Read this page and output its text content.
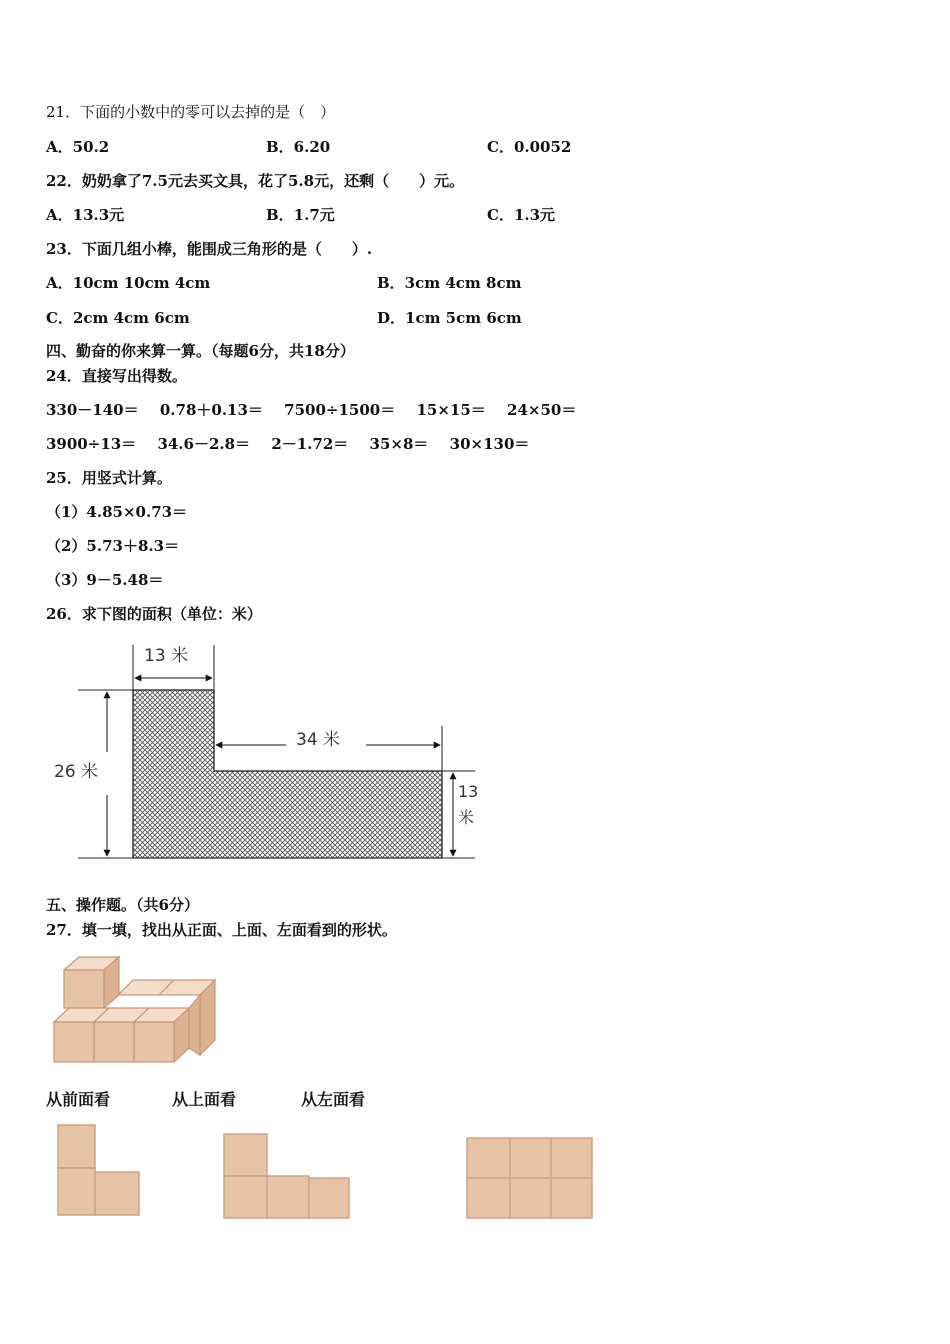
21．下面的小数中的零可以去掉的是（　）
A．50.2	B．6.20	C．0.0052
22．奶奶拿了7.5元去买文具，花了5.8元，还剩（　　）元。
A．13.3元	B．1.7元	C．1.3元
23．下面几组小棒，能围成三角形的是（　　）.
A．10cm 10cm 4cm	B．3cm 4cm 8cm
C．2cm 4cm 6cm	D．1cm 5cm 6cm
四、勤奋的你来算一算。（每题6分，共18分）
24．直接写出得数。
330－140＝ 0.78＋0.13＝ 7500÷1500＝ 15×15＝ 24×50＝
3900÷13＝ 34.6－2.8＝ 2－1.72＝ 35×8＝ 30×130＝
25．用竖式计算。
（1）4.85×0.73＝
（2）5.73＋8.3＝
（3）9－5.48＝
26．求下图的面积（单位：米）
13 米
34 米
26 米
13
米
五、操作题。（共6分）
27．填一填，找出从正面、上面、左面看到的形状。
从前面看	从上面看	从左面看
